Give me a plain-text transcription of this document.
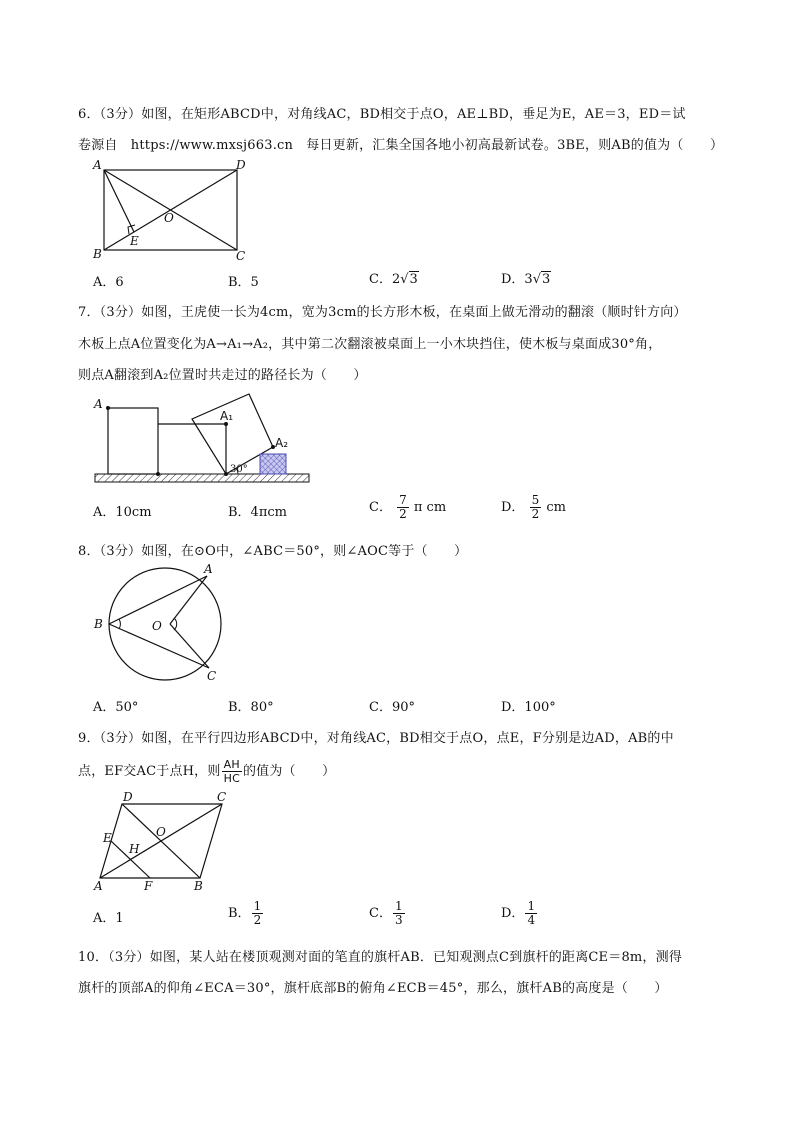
6．（3分）如图，在矩形ABCD中，对角线AC，BD相交于点O，AE⊥BD，垂足为E，AE＝3，ED＝试
卷源自　https://www.mxsj663.cn　每日更新，汇集全国各地小初高最新试卷。3BE，则AB的值为（　　）
A	D
B	C
O
E
A．6	B．5	C．2√3	D．3√3
7．（3分）如图，王虎使一长为4cm，宽为3cm的长方形木板，在桌面上做无滑动的翻滚（顺时针方向）
木板上点A位置变化为A→A₁→A₂，其中第二次翻滚被桌面上一小木块挡住，使木板与桌面成30°角，
则点A翻滚到A₂位置时共走过的路径长为（　　）
A
A₁
A₂
30°
A．10cm	B．4πcm	C． $\frac{7}{2}$ π cm	D． $\frac{5}{2}$ cm
8．（3分）如图，在⊙O中，∠ABC＝50°，则∠AOC等于（　　）
A
B	O
C
A．50°	B．80°	C．90°	D．100°
9．（3分）如图，在平行四边形ABCD中，对角线AC，BD相交于点O，点E，F分别是边AD，AB的中
点，EF交AC于点H，则 $\frac{AH}{HC}$ 的值为（　　）
D	C
O
E
H
A	F	B
A．1	B． $\frac{1}{2}$	C． $\frac{1}{3}$	D． $\frac{1}{4}$
10．（3分）如图，某人站在楼顶观测对面的笔直的旗杆AB．已知观测点C到旗杆的距离CE＝8m，测得
旗杆的顶部A的仰角∠ECA＝30°，旗杆底部B的俯角∠ECB＝45°，那么，旗杆AB的高度是（　　）
